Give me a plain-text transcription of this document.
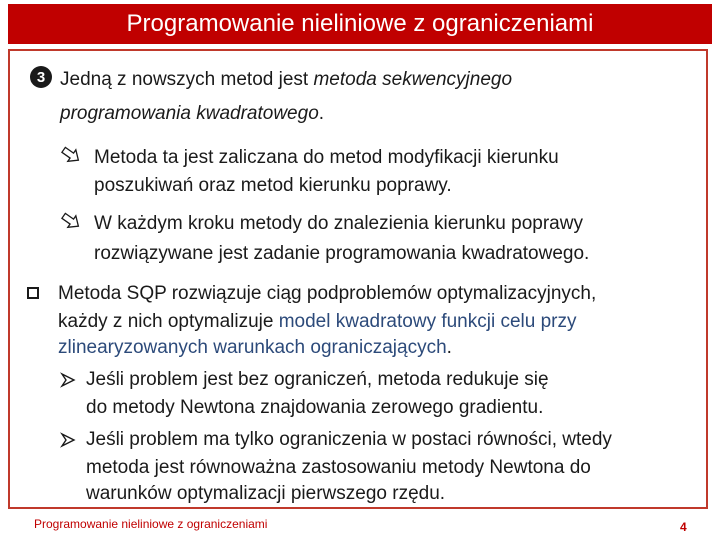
Programowanie nieliniowe z ograniczeniami
3 Jedną z nowszych metod jest metoda sekwencyjnego
programowania kwadratowego.
Metoda ta jest zaliczana do metod modyfikacji kierunku
poszukiwań oraz metod kierunku poprawy.
W każdym kroku metody do znalezienia kierunku poprawy
rozwiązywane jest zadanie programowania kwadratowego.
Metoda SQP rozwiązuje ciąg podproblemów optymalizacyjnych,
każdy z nich optymalizuje model kwadratowy funkcji celu przy
zlinearyzowanych warunkach ograniczających.
Jeśli problem jest bez ograniczeń, metoda redukuje się
do metody Newtona znajdowania zerowego gradientu.
Jeśli problem ma tylko ograniczenia w postaci równości, wtedy
metoda jest równoważna zastosowaniu metody Newtona do
warunków optymalizacji pierwszego rzędu.
Programowanie nieliniowe z ograniczeniami	4
